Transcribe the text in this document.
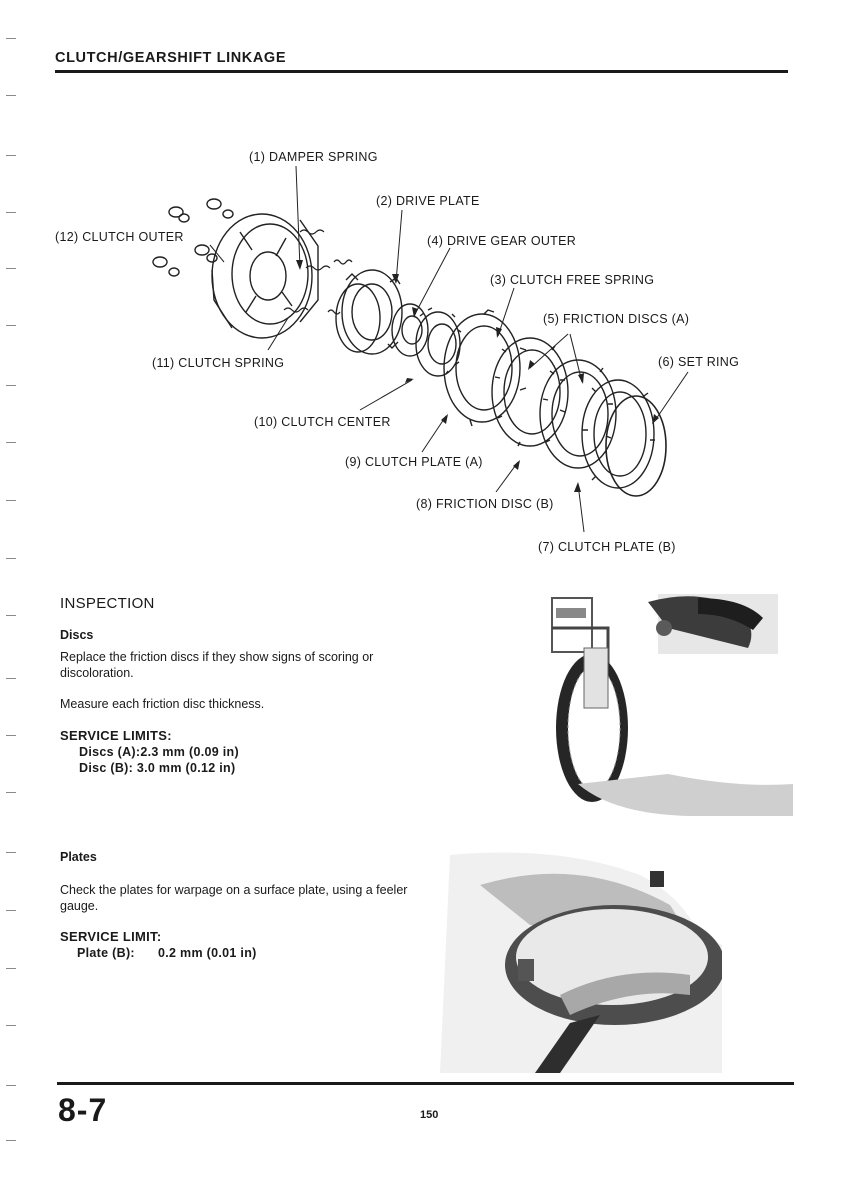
CLUTCH/GEARSHIFT LINKAGE
(1) DAMPER SPRING
(2) DRIVE PLATE
(12) CLUTCH OUTER	(4) DRIVE GEAR OUTER
(3) CLUTCH FREE SPRING
(5) FRICTION DISCS (A)
(11) CLUTCH SPRING	(6) SET RING
(10) CLUTCH CENTER
(9) CLUTCH PLATE (A)
(8) FRICTION DISC (B)
(7) CLUTCH PLATE (B)
INSPECTION
Discs
Replace the friction discs if they show signs of scoring or discoloration.
Measure each friction disc thickness.
SERVICE LIMITS:
Discs (A):2.3 mm (0.09 in)
Disc (B): 3.0 mm (0.12 in)
Plates
Check the plates for warpage on a surface plate, using a feeler gauge.
SERVICE LIMIT:
Plate (B): 0.2 mm (0.01 in)
8-7	150
